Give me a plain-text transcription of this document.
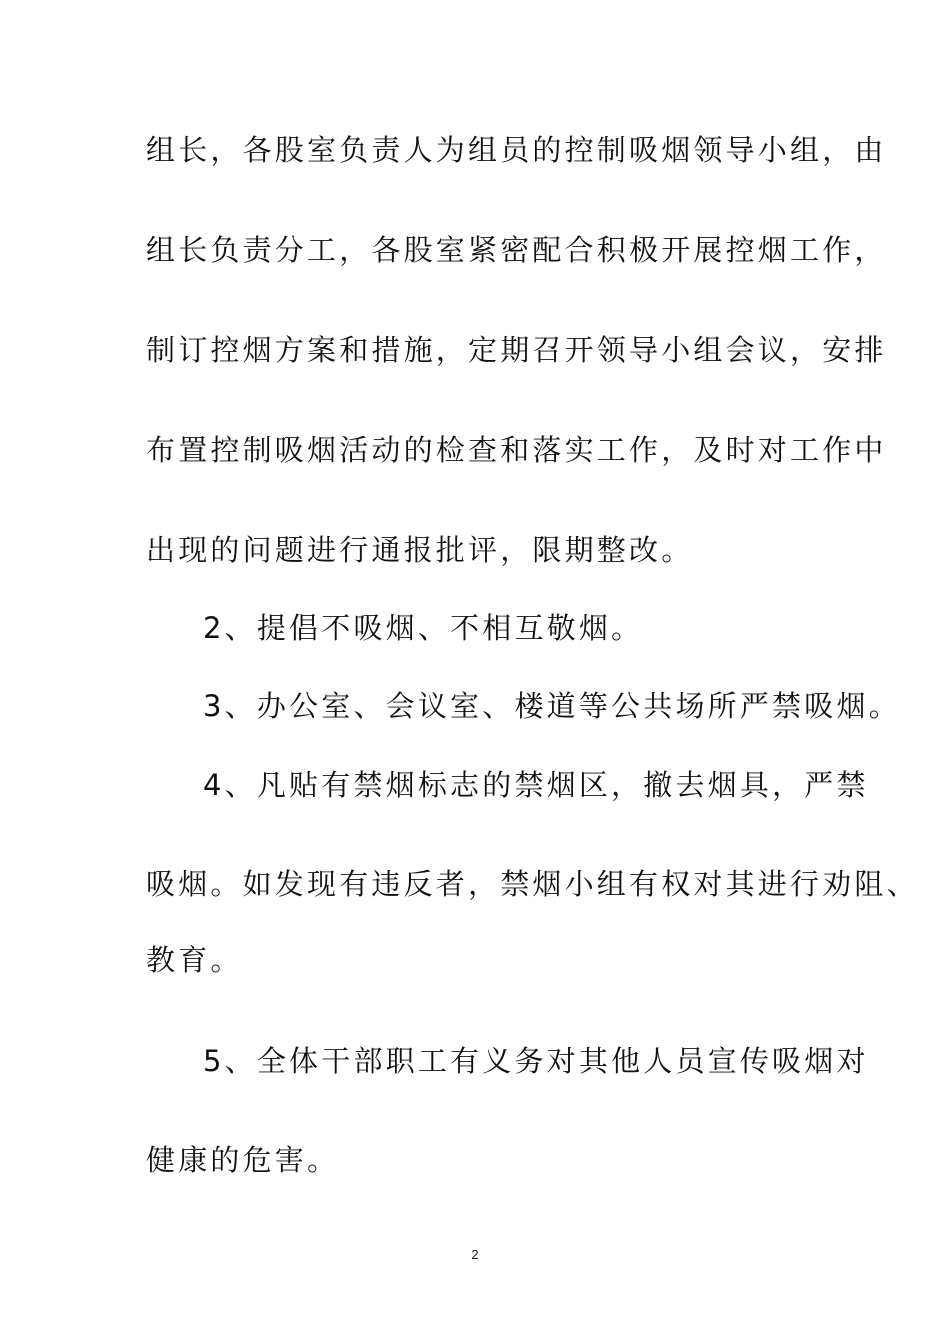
组长，各股室负责人为组员的控制吸烟领导小组，由
组长负责分工，各股室紧密配合积极开展控烟工作，
制订控烟方案和措施，定期召开领导小组会议，安排
布置控制吸烟活动的检查和落实工作，及时对工作中
出现的问题进行通报批评，限期整改。
2、提倡不吸烟、不相互敬烟。
3、办公室、会议室、楼道等公共场所严禁吸烟。
4、凡贴有禁烟标志的禁烟区，撤去烟具，严禁
吸烟。如发现有违反者，禁烟小组有权对其进行劝阻、
教育。
5、全体干部职工有义务对其他人员宣传吸烟对
健康的危害。
2
